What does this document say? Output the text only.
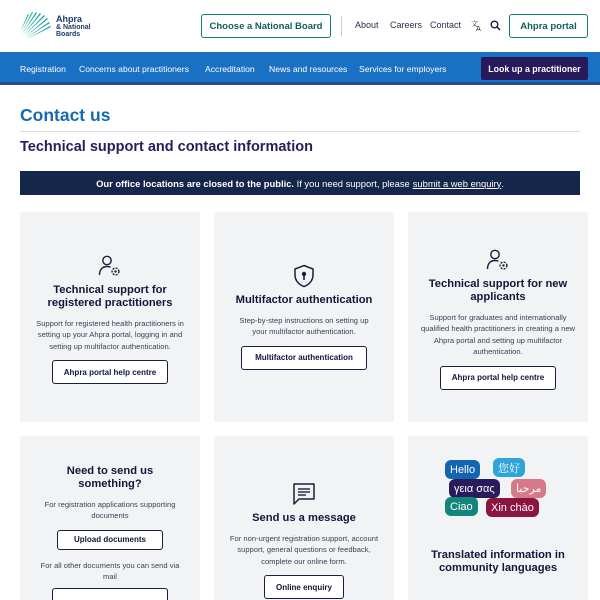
Ahpra
& National
Boards
Choose a National Board	About Careers Contact 文
A	Ahpra portal
Registration Concerns about practitioners Accreditation News and resources Services for employers	Look up a practitioner
Contact us
Technical support and contact information
Our office locations are closed to the public. If you need support, please submit a web enquiry .
Technical support for registered practitioners
Support for registered health practitioners in setting up your Ahpra portal, logging in and setting up multifactor authentication.
Ahpra portal help centre
Multifactor authentication
Step-by-step instructions on setting up your multifactor authentication.
Multifactor authentication
Technical support for new applicants
Support for graduates and internationally qualified health practitioners in creating a new Ahpra portal and setting up multifactor authentication.
Ahpra portal help centre
Need to send us something?
For registration applications supporting documents
Upload documents
For all other documents you can send via mail
Send us a message
For non-urgent registration support, account support, general questions or feedback, complete our online form.
Online enquiry
Hello	您好
γεια σας	مرحبا
Ciao	Xin chào
Translated information in community languages
